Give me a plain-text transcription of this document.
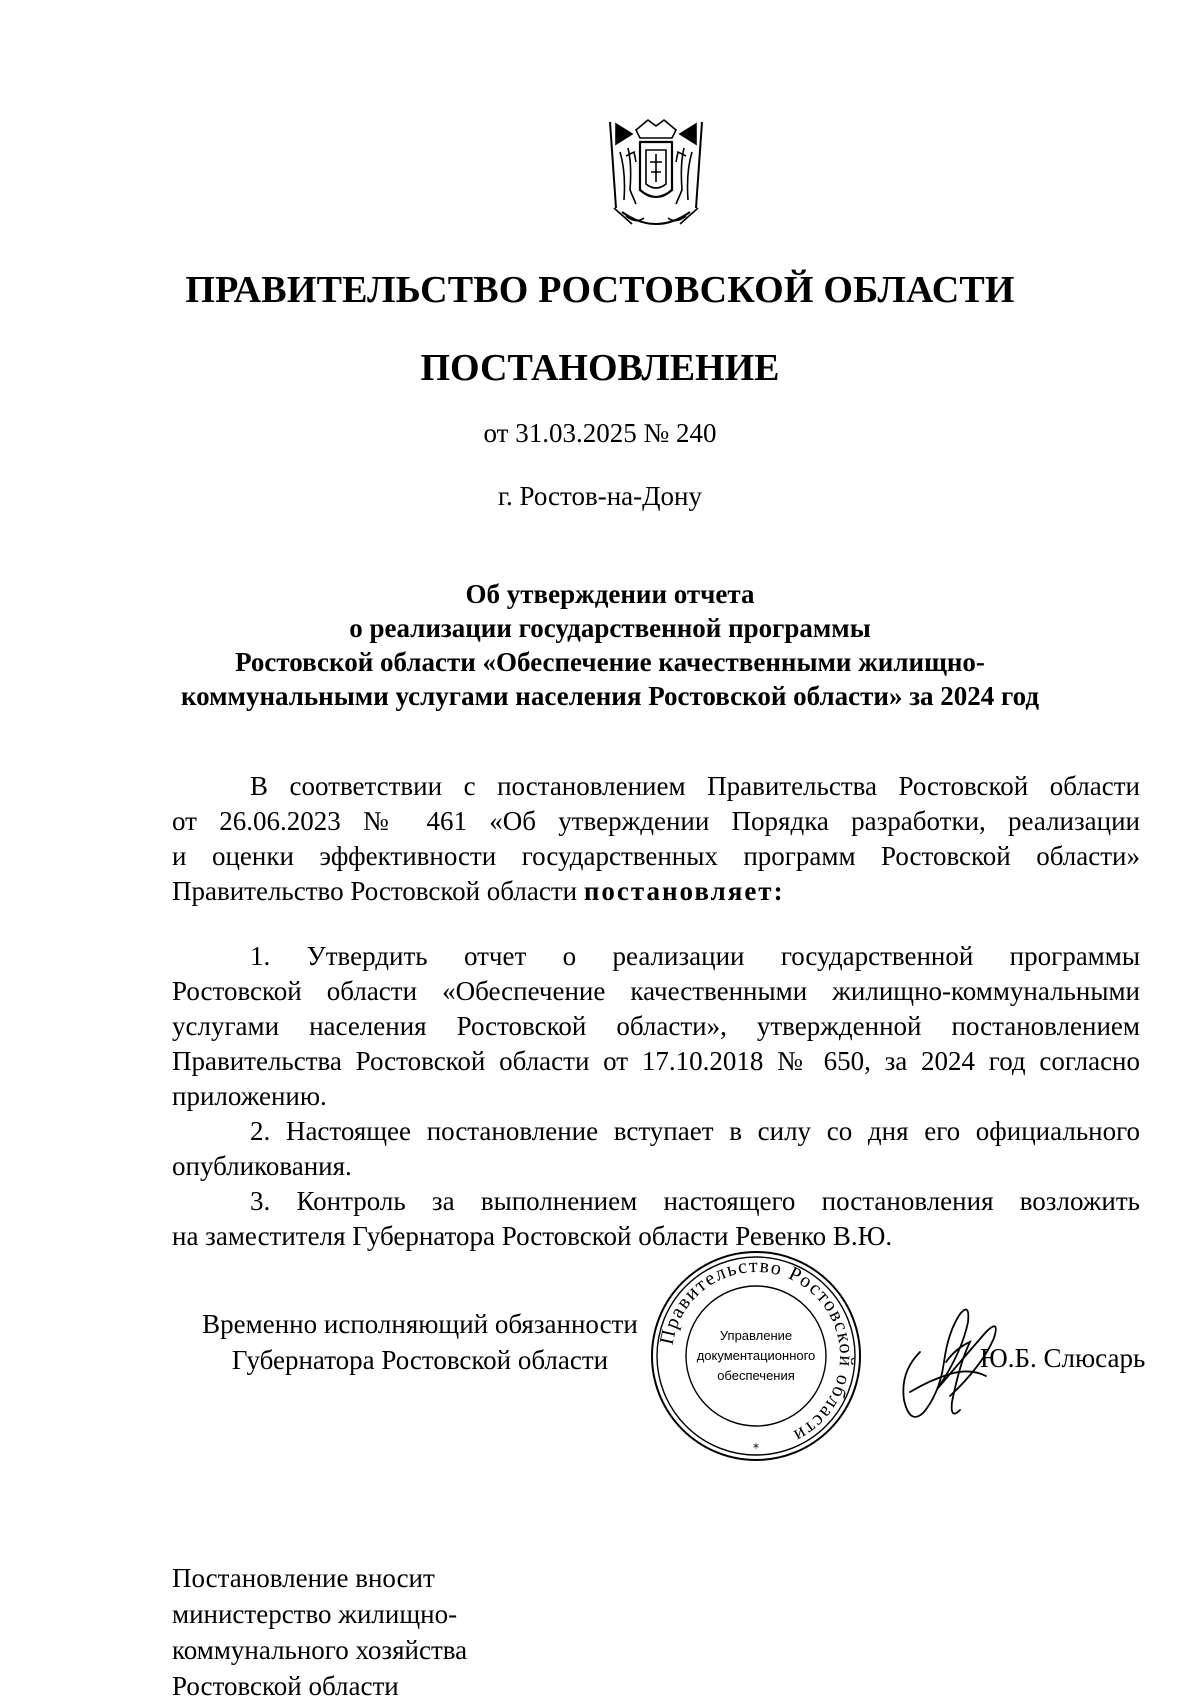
ПРАВИТЕЛЬСТВО РОСТОВСКОЙ ОБЛАСТИ
ПОСТАНОВЛЕНИЕ
от 31.03.2025 № 240
г. Ростов-на-Дону
Об утверждении отчета
о реализации государственной программы
Ростовской области «Обеспечение качественными жилищно-
коммунальными услугами населения Ростовской области» за 2024 год
В соответствии с постановлением Правительства Ростовской области
от 26.06.2023 № 461 «Об утверждении Порядка разработки, реализации
и оценки эффективности государственных программ Ростовской области»
Правительство Ростовской области постановляет:
1. Утвердить отчет о реализации государственной программы
Ростовской области «Обеспечение качественными жилищно-коммунальными
услугами населения Ростовской области», утвержденной постановлением
Правительства Ростовской области от 17.10.2018 № 650, за 2024 год согласно
приложению.
2. Настоящее постановление вступает в силу со дня его официального
опубликования.
3. Контроль за выполнением настоящего постановления возложить
на заместителя Губернатора Ростовской области Ревенко В.Ю.
Временно исполняющий обязанности
Губернатора Ростовской области
Правительство Ростовской области
Управление
документационного
обеспечения
*
Ю.Б. Слюсарь
Постановление вносит
министерство жилищно-
коммунального хозяйства
Ростовской области
